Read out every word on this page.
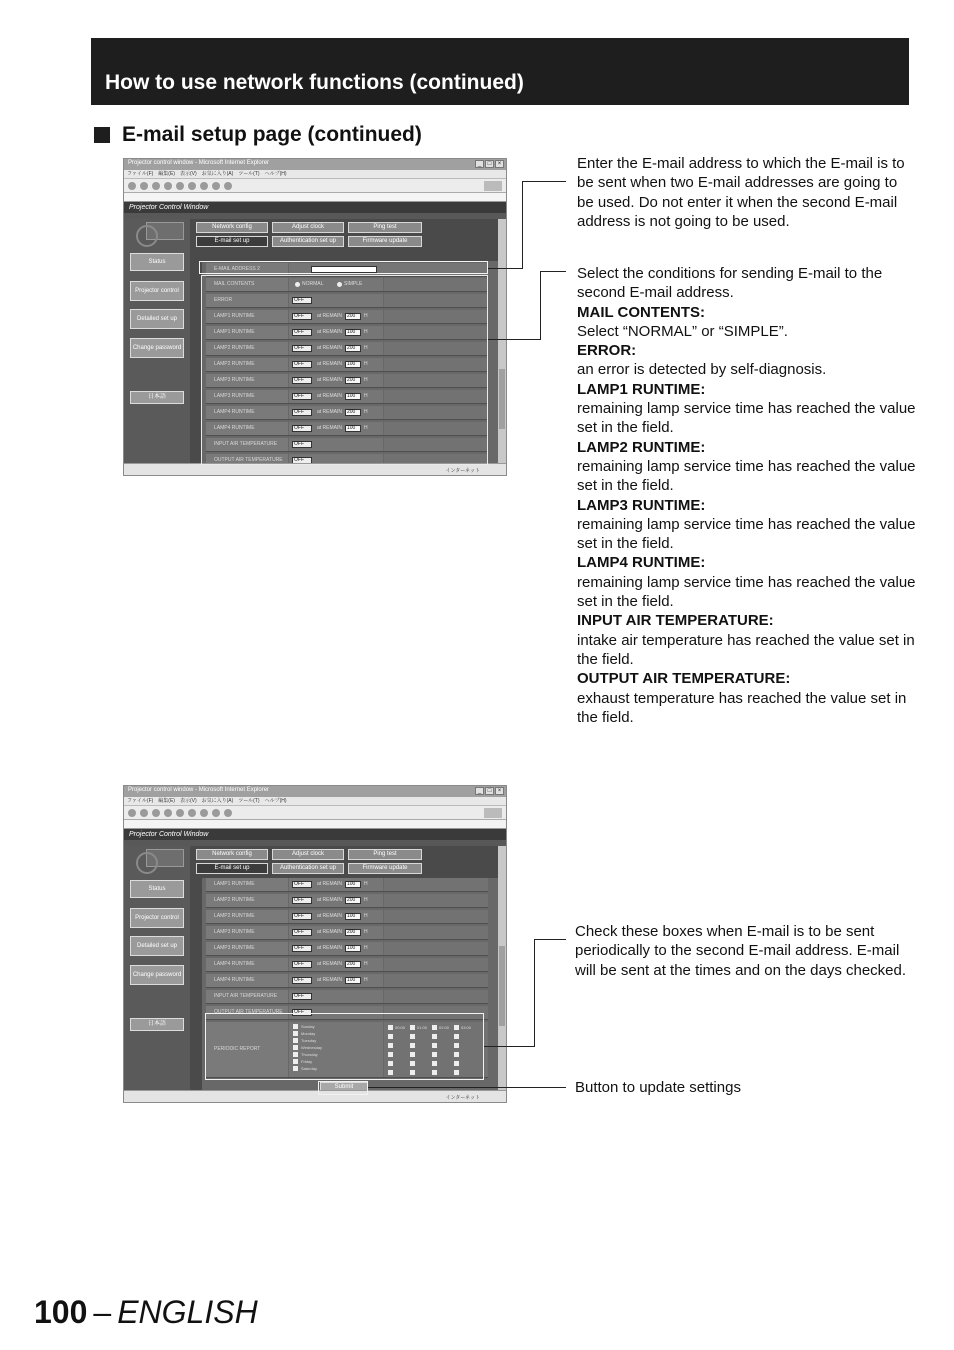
How to use network functions (continued)
E-mail setup page (continued)
Projector control window - Microsoft Internet Explorer	_	□	×
ファイル(F)　編集(E)　表示(V)　お気に入り(A)　ツール(T)　ヘルプ(H)
Projector Control Window
Status
Projector control
Detailed set up
Change password
日本語
Network config	Adjust clock	Ping test
E-mail set up	Authentication set up	Firmware update
E-MAIL ADDRESS 2
MAIL CONTENTS	NORMAL	SIMPLE
ERROR	OFF
LAMP1 RUNTIME	OFF	at REMAIN 200	H
LAMP1 RUNTIME	OFF	at REMAIN 100	H
LAMP2 RUNTIME	OFF	at REMAIN 200	H
LAMP2 RUNTIME	OFF	at REMAIN 100	H
LAMP3 RUNTIME	OFF	at REMAIN 200	H
LAMP3 RUNTIME	OFF	at REMAIN 100	H
LAMP4 RUNTIME	OFF	at REMAIN 200	H
LAMP4 RUNTIME	OFF	at REMAIN 100	H
INPUT AIR TEMPERATURE	OFF
OUTPUT AIR TEMPERATURE	OFF
インターネット

Enter the E-mail address to which the E-mail is to be sent when two E-mail addresses are going to be used. Do not enter it when the second E-mail address is not going to be used.

Select the conditions for sending E-mail to the second E-mail address.

MAIL CONTENTS:

Select “NORMAL” or “SIMPLE”.

ERROR:

an error is detected by self-diagnosis.

LAMP1 RUNTIME:

remaining lamp service time has reached the value set in the field.

LAMP2 RUNTIME:

remaining lamp service time has reached the value set in the field.

LAMP3 RUNTIME:

remaining lamp service time has reached the value set in the field.

LAMP4 RUNTIME:

remaining lamp service time has reached the value set in the field.

INPUT AIR TEMPERATURE:

intake air temperature has reached the value set in the field.

OUTPUT AIR TEMPERATURE:

exhaust temperature has reached the value set in the field.

Projector control window - Microsoft Internet Explorer	_	□	×
ファイル(F)　編集(E)　表示(V)　お気に入り(A)　ツール(T)　ヘルプ(H)
Projector Control Window
Status
Projector control
Detailed set up
Change password
日本語
Network config	Adjust clock	Ping test
E-mail set up	Authentication set up	Firmware update
LAMP1 RUNTIME	OFF	at REMAIN 100	H
LAMP2 RUNTIME	OFF	at REMAIN 200	H
LAMP2 RUNTIME	OFF	at REMAIN 100	H
LAMP3 RUNTIME	OFF	at REMAIN 200	H
LAMP3 RUNTIME	OFF	at REMAIN 100	H
LAMP4 RUNTIME	OFF	at REMAIN 200	H
LAMP4 RUNTIME	OFF	at REMAIN 100	H
INPUT AIR TEMPERATURE	OFF
OUTPUT AIR TEMPERATURE	OFF
PERIODIC REPORT
Sunday
Monday
Tuesday
Wednesday
Thursday
Friday
Saturday
00:00	01:00	02:00	03:00
Submit
インターネット

Check these boxes when E-mail is to be sent periodically to the second E-mail address. E-mail will be sent at the times and on the days checked.

Button to update settings

100 – ENGLISH
